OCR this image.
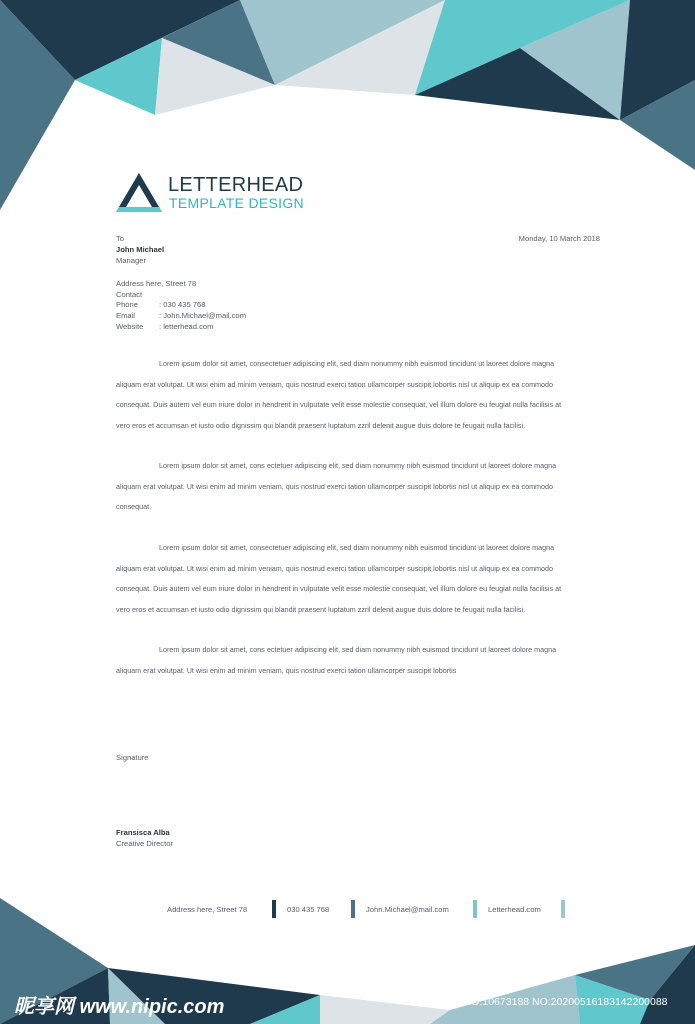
LETTERHEAD
TEMPLATE DESIGN
To
John Michael
Manager
Address here, Street 78
Contact
Phone	: 030 435 768
Email	: John.Michael@mail.com
Website : letterhead.com
Monday, 10 March 2018
Lorem ipsum dolor sit amet, consectetuer adipiscing elit, sed diam nonummy nibh euismod tincidunt ut laoreet dolore magna
aliquam erat volutpat. Ut wisi enim ad minim veniam, quis nostrud exerci tation ullamcorper suscipit lobortis nisl ut aliquip ex ea commodo
consequat. Duis autem vel eum iriure dolor in hendrerit in vulputate velit esse molestie consequat, vel illum dolore eu feugiat nulla facilisis at
vero eros et accumsan et iusto odio dignissim qui blandit praesent luptatum zzril delenit augue duis dolore te feugait nulla facilisi.
Lorem ipsum dolor sit amet, cons ectetuer adipiscing elit, sed diam nonummy nibh euismod tincidunt ut laoreet dolore magna
aliquam erat volutpat. Ut wisi enim ad minim veniam, quis nostrud exerci tation ullamcorper suscipit lobortis nisl ut aliquip ex ea commodo
consequat.
Lorem ipsum dolor sit amet, consectetuer adipiscing elit, sed diam nonummy nibh euismod tincidunt ut laoreet dolore magna
aliquam erat volutpat. Ut wisi enim ad minim veniam, quis nostrud exerci tation ullamcorper suscipit lobortis nisl ut aliquip ex ea commodo
consequat. Duis autem vel eum iriure dolor in hendrerit in vulputate velit esse molestie consequat, vel illum dolore eu feugiat nulla facilisis at
vero eros et accumsan et iusto odio dignissim qui blandit praesent luptatum zzril delenit augue duis dolore te feugait nulla facilisi.
Lorem ipsum dolor sit amet, cons ectetuer adipiscing elit, sed diam nonummy nibh euismod tincidunt ut laoreet dolore magna
aliquam erat volutpat. Ut wisi enim ad minim veniam, quis nostrud exerci tation ullamcorper suscipit lobortis
Signature
Fransisca Alba
Creative Director
Address here, Street 78	030 435 768	John.Michael@mail.com	Letterhead.com
昵享网 www.nipic.com	ID:10673188 NO:20200516183142200088
